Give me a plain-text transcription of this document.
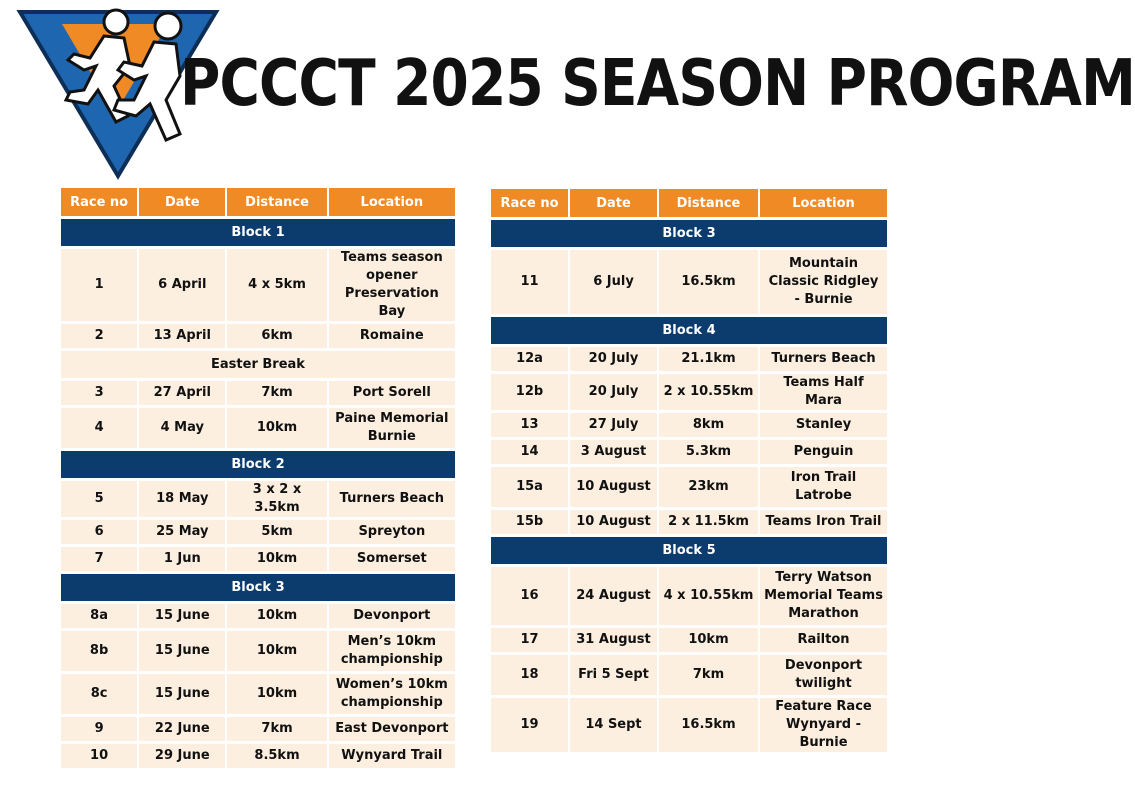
PCCCT 2025 SEASON PROGRAM
Race no	Date	Distance	Location
Block 1			
1	6 April	4 x 5km	Teams season opener Preservation Bay
2	13 April	6km	Romaine
Easter Break			
3	27 April	7km	Port Sorell
4	4 May	10km	Paine Memorial Burnie
Block 2			
5	18 May	3 x 2 x 3.5km	Turners Beach
6	25 May	5km	Spreyton
7	1 Jun	10km	Somerset
Block 3			
8a	15 June	10km	Devonport
8b	15 June	10km	Men’s 10km championship
8c	15 June	10km	Women’s 10km championship
9	22 June	7km	East Devonport
10	29 June	8.5km	Wynyard Trail
Race no	Date	Distance	Location
Block 3			
11	6 July	16.5km	Mountain Classic Ridgley - Burnie
Block 4			
12a	20 July	21.1km	Turners Beach
12b	20 July	2 x 10.55km	Teams Half Mara
13	27 July	8km	Stanley
14	3 August	5.3km	Penguin
15a	10 August	23km	Iron Trail Latrobe
15b	10 August	2 x 11.5km	Teams Iron Trail
Block 5			
16	24 August	4 x 10.55km	Terry Watson Memorial Teams Marathon
17	31 August	10km	Railton
18	Fri 5 Sept	7km	Devonport twilight
19	14 Sept	16.5km	Feature Race Wynyard - Burnie
